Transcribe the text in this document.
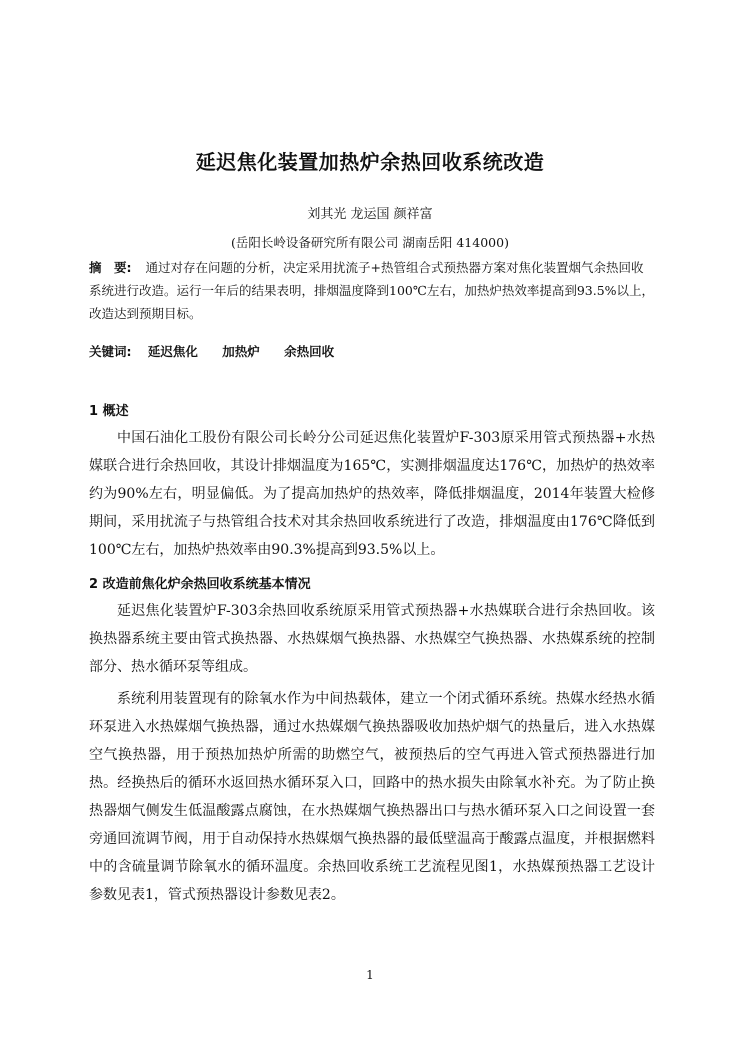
延迟焦化装置加热炉余热回收系统改造
刘其光 龙运国 颜祥富
(岳阳长岭设备研究所有限公司 湖南岳阳 414000)
摘　要: 通过对存在问题的分析，决定采用扰流子+热管组合式预热器方案对焦化装置烟气余热回收系统进行改造。运行一年后的结果表明，排烟温度降到100℃左右，加热炉热效率提高到93.5%以上，改造达到预期目标。
关键词: 延迟焦化 加热炉 余热回收
1 概述
中国石油化工股份有限公司长岭分公司延迟焦化装置炉F-303原采用管式预热器+水热媒联合进行余热回收，其设计排烟温度为165℃，实测排烟温度达176℃，加热炉的热效率约为90%左右，明显偏低。为了提高加热炉的热效率，降低排烟温度，2014年装置大检修期间，采用扰流子与热管组合技术对其余热回收系统进行了改造，排烟温度由176℃降低到100℃左右，加热炉热效率由90.3%提高到93.5%以上。
2 改造前焦化炉余热回收系统基本情况
延迟焦化装置炉F-303余热回收系统原采用管式预热器+水热媒联合进行余热回收。该换热器系统主要由管式换热器、水热媒烟气换热器、水热媒空气换热器、水热媒系统的控制部分、热水循环泵等组成。
系统利用装置现有的除氧水作为中间热载体，建立一个闭式循环系统。热媒水经热水循环泵进入水热媒烟气换热器，通过水热媒烟气换热器吸收加热炉烟气的热量后，进入水热媒空气换热器，用于预热加热炉所需的助燃空气，被预热后的空气再进入管式预热器进行加热。经换热后的循环水返回热水循环泵入口，回路中的热水损失由除氧水补充。为了防止换热器烟气侧发生低温酸露点腐蚀，在水热媒烟气换热器出口与热水循环泵入口之间设置一套旁通回流调节阀，用于自动保持水热媒烟气换热器的最低壁温高于酸露点温度，并根据燃料中的含硫量调节除氧水的循环温度。余热回收系统工艺流程见图1，水热媒预热器工艺设计参数见表1，管式预热器设计参数见表2。
1
